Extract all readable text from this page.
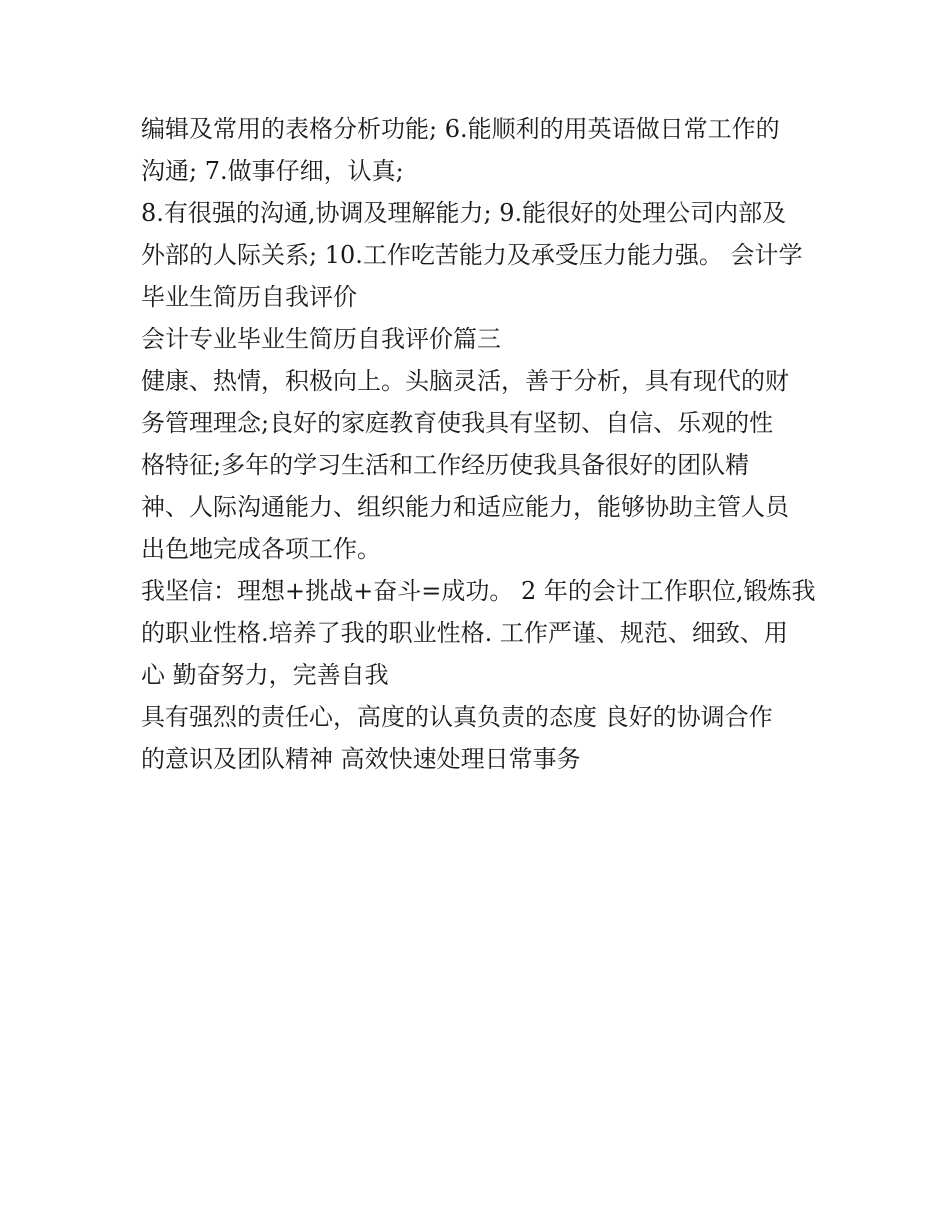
编辑及常用的表格分析功能; 6.能顺利的用英语做日常工作的

沟通; 7.做事仔细，认真;

8.有很强的沟通,协调及理解能力; 9.能很好的处理公司内部及

外部的人际关系; 10.工作吃苦能力及承受压力能力强。 会计学

毕业生简历自我评价

会计专业毕业生简历自我评价篇三

健康、热情，积极向上。头脑灵活，善于分析，具有现代的财

务管理理念;良好的家庭教育使我具有坚韧、自信、乐观的性

格特征;多年的学习生活和工作经历使我具备很好的团队精

神、人际沟通能力、组织能力和适应能力，能够协助主管人员

出色地完成各项工作。

我坚信：理想+挑战+奋斗=成功。 2 年的会计工作职位,锻炼我

的职业性格.培养了我的职业性格. 工作严谨、规范、细致、用

心 勤奋努力，完善自我

具有强烈的责任心，高度的认真负责的态度 良好的协调合作

的意识及团队精神 高效快速处理日常事务
